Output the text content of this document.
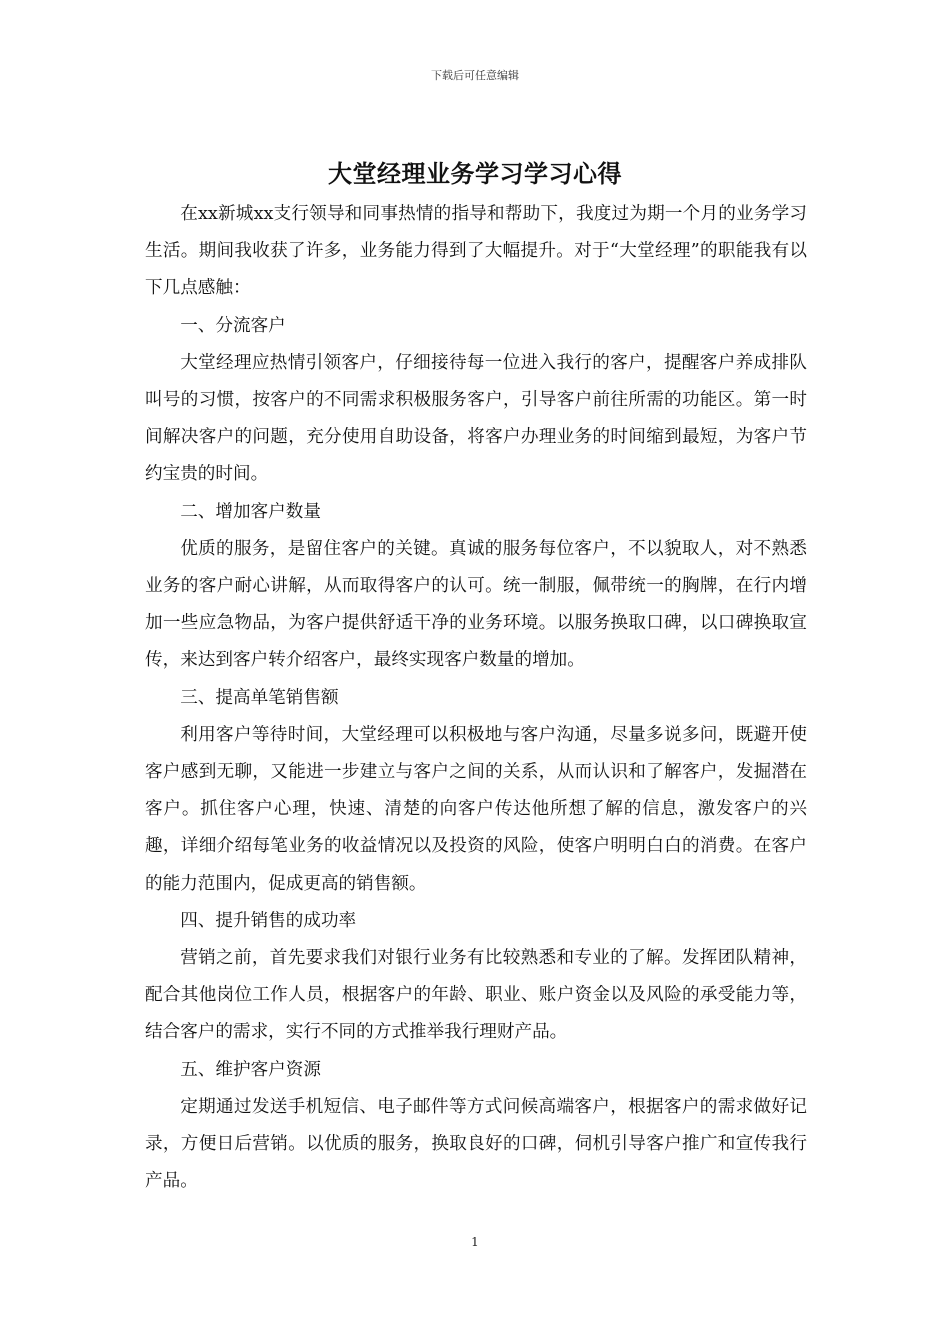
下载后可任意编辑
大堂经理业务学习学习心得

在xx新城xx支行领导和同事热情的指导和帮助下，我度过为期一个月的业务学习生活。期间我收获了许多，业务能力得到了大幅提升。对于“大堂经理”的职能我有以下几点感触：

一、分流客户

大堂经理应热情引领客户，仔细接待每一位进入我行的客户，提醒客户养成排队叫号的习惯，按客户的不同需求积极服务客户，引导客户前往所需的功能区。第一时间解决客户的问题，充分使用自助设备，将客户办理业务的时间缩到最短，为客户节约宝贵的时间。

二、增加客户数量

优质的服务，是留住客户的关键。真诚的服务每位客户，不以貌取人，对不熟悉业务的客户耐心讲解，从而取得客户的认可。统一制服，佩带统一的胸牌，在行内增加一些应急物品，为客户提供舒适干净的业务环境。以服务换取口碑，以口碑换取宣传，来达到客户转介绍客户，最终实现客户数量的增加。

三、提高单笔销售额

利用客户等待时间，大堂经理可以积极地与客户沟通，尽量多说多问，既避开使客户感到无聊，又能进一步建立与客户之间的关系，从而认识和了解客户，发掘潜在客户。抓住客户心理，快速、清楚的向客户传达他所想了解的信息，激发客户的兴趣，详细介绍每笔业务的收益情况以及投资的风险，使客户明明白白的消费。在客户的能力范围内，促成更高的销售额。

四、提升销售的成功率

营销之前，首先要求我们对银行业务有比较熟悉和专业的了解。发挥团队精神，配合其他岗位工作人员，根据客户的年龄、职业、账户资金以及风险的承受能力等，结合客户的需求，实行不同的方式推举我行理财产品。

五、维护客户资源

定期通过发送手机短信、电子邮件等方式问候高端客户，根据客户的需求做好记录，方便日后营销。以优质的服务，换取良好的口碑，伺机引导客户推广和宣传我行产品。

1
